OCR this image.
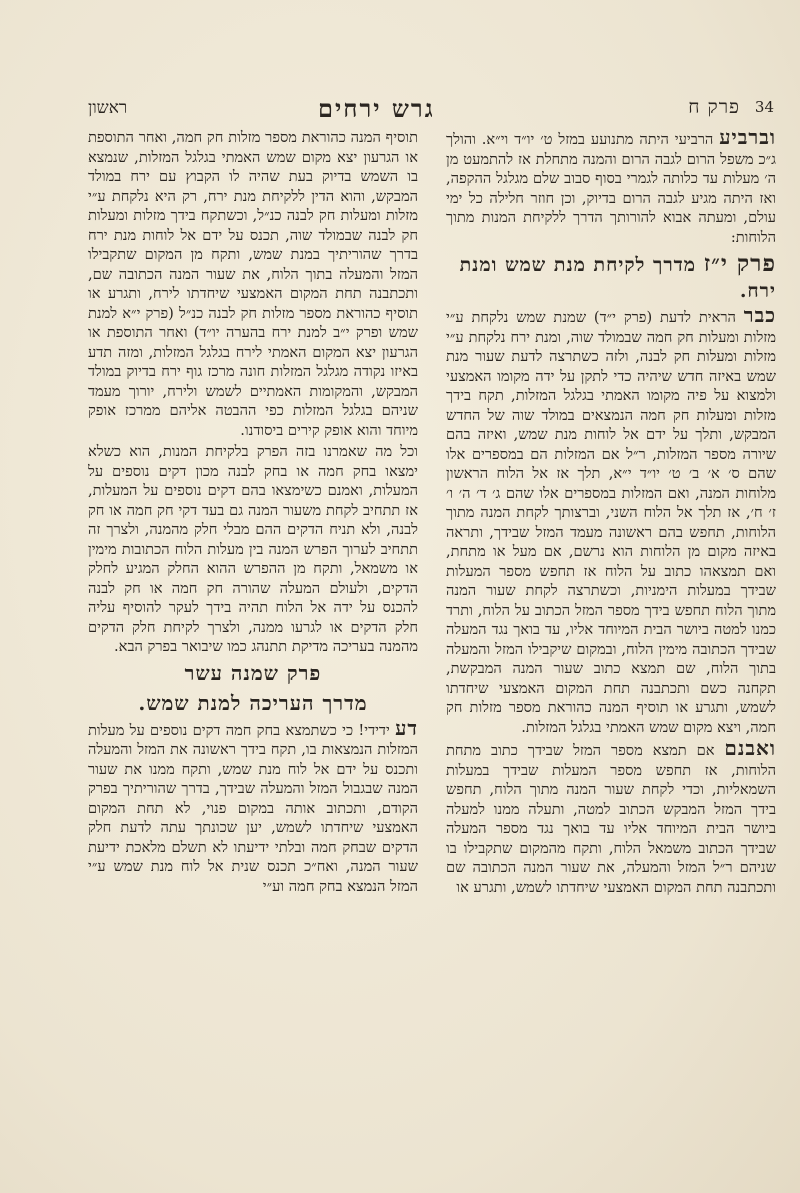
34
פרק ח
גרש ירחים
ראשון

וברביע הרביעי היתה מתנועע במזל ט׳ יו״ד וי״א. והולך ג״כ משפל הרום לגבה הרום והמנה מתחלת אז להתמעט מן ה׳ מעלות עד כלותה לגמרי בסוף סבוב שלם מגלגל ההקפה, ואז היתה מגיע לגבה הרום בדיוק, וכן חוזר חלילה כל ימי עולם, ומעתה אבוא להורותך הדרך ללקיחת המנות מתוך הלוחות:

פרק י״ז מדרך לקיחת מנת שמש ומנת ירח.

כבר הראית לדעת (פרק י״ד) שמנת שמש נלקחת ע״י מזלות ומעלות חק חמה שבמולד שוה, ומנת ירח נלקחת ע״י מזלות ומעלות חק לבנה, ולזה כשתרצה לדעת שעור מנת שמש באיזה חדש שיהיה כדי לתקן על ידה מקומו האמצעי ולמצוא על פיה מקומו האמתי בגלגל המזלות, תקח בידך מזלות ומעלות חק חמה הנמצאים במולד שוה של החדש המבקש, ותלך על ידם אל לוחות מנת שמש, ואיזה בהם שיורה מספר המזלות, ר״ל אם המזלות הם במספרים אלו שהם ס׳ א׳ ב׳ ט׳ יו״ד י״א, תלך אז אל הלוח הראשון מלוחות המנה, ואם המזלות במספרים אלו שהם ג׳ ד׳ ה׳ ו׳ ז׳ ח׳, אז תלך אל הלוח השני, וברצותך לקחת המנה מתוך הלוחות, תחפש בהם ראשונה מעמד המזל שבידך, ותראה באיזה מקום מן הלוחות הוא נרשם, אם מעל או מתחת, ואם תמצאהו כתוב על הלוח אז תחפש מספר המעלות שבידך במעלות הימניות, וכשתרצה לקחת שעור המנה מתוך הלוח תחפש בידך מספר המזל הכתוב על הלוח, ותרד כמנו למטה ביושר הבית המיוחד אליו, עד בואך נגד המעלה שבידך הכתובה מימין הלוח, ובמקום שיקבילו המזל והמעלה בתוך הלוח, שם תמצא כתוב שעור המנה המבקשת, תקחנה כשם ותכתבנה תחת המקום האמצעי שיחדתו לשמש, ותגרע או תוסיף המנה כהוראת מספר מזלות חק חמה, ויצא מקום שמש האמתי בגלגל המזלות.

ואבנם אם תמצא מספר המזל שבידך כתוב מתחת הלוחות, אז תחפש מספר המעלות שבידך במעלות השמאליות, וכדי לקחת שעור המנה מתוך הלוח, תחפש בידך המזל המבקש הכתוב למטה, ותעלה ממנו למעלה ביושר הבית המיוחד אליו עד בואך נגד מספר המעלה שבידך הכתוב משמאל הלוח, ותקח מהמקום שתקבילו בו שניהם ר״ל המזל והמעלה, את שעור המנה הכתובה שם ותכתבנה תחת המקום האמצעי שיחדתו לשמש, ותגרע או

תוסיף המנה כהוראת מספר מזלות חק חמה, ואחר התוספת או הגרעון יצא מקום שמש האמתי בגלגל המזלות, שנמצא בו השמש בדיוק בעת שהיה לו הקבוץ עם ירח במולד המבקש, והוא הדין ללקיחת מנת ירח, רק היא נלקחת ע״י מזלות ומעלות חק לבנה כנ״ל, וכשתקח בידך מזלות ומעלות חק לבנה שבמולד שוה, תכנס על ידם אל לוחות מנת ירח בדרך שהוריתיך במנת שמש, ותקח מן המקום שתקבילו המזל והמעלה בתוך הלוח, את שעור המנה הכתובה שם, ותכתבנה תחת המקום האמצעי שיחדתו לירח, ותגרע או תוסיף כהוראת מספר מזלות חק לבנה כנ״ל (פרק י״א למנת שמש ופרק י״ב למנת ירח בהערה יו״ד) ואחר התוספת או הגרעון יצא המקום האמתי לירח בגלגל המזלות, ומזה תדע באיזו נקודה מגלגל המזלות חונה מרכז גוף ירח בדיוק במולד המבקש, והמקומות האמתיים לשמש ולירח, יורוך מעמד שניהם בגלגל המזלות כפי ההבטה אליהם ממרכז אופק מיוחד והוא אופק קירים ביסודנו.

וכל מה שאמרנו בזה הפרק בלקיחת המנות, הוא כשלא ימצאו בחק חמה או בחק לבנה מכון דקים נוספים על המעלות, ואמנם כשימצאו בהם דקים נוספים על המעלות, אז תתחיב לקחת משעור המנה גם בעד דקי חק חמה או חק לבנה, ולא תניח הדקים ההם מבלי חלק מהמנה, ולצרך זה תתחיב לערוך הפרש המנה בין מעלות הלוח הכתובות מימין או משמאל, ותקח מן ההפרש ההוא החלק המגיע לחלק הדקים, ולעולם המעלה שהורה חק חמה או חק לבנה להכנס על ידה אל הלוח תהיה בידך לעקר להוסיף עליה חלק הדקים או לגרעו ממנה, ולצרך לקיחת חלק הדקים מהמנה בעריכה מדיקת תתנהג כמו שיבואר בפרק הבא.

פרק שמנה עשר
מדרך העריכה למנת שמש.

דע ידידי! כי כשתמצא בחק חמה דקים נוספים על מעלות המזלות הנמצאות בו, תקח בידך ראשונה את המזל והמעלה ותכנס על ידם אל לוח מנת שמש, ותקח ממנו את שעור המנה שבגבול המזל והמעלה שבידך, בדרך שהוריתיך בפרק הקודם, ותכתוב אותה במקום פנוי, לא תחת המקום האמצעי שיחדתו לשמש, יען שכונתך עתה לדעת חלק הדקים שבחק חמה ובלתי ידיעתו לא תשלם מלאכת ידיעת שעור המנה, ואח״כ תכנס שנית אל לוח מנת שמש ע״י המזל הנמצא בחק חמה וע״י
